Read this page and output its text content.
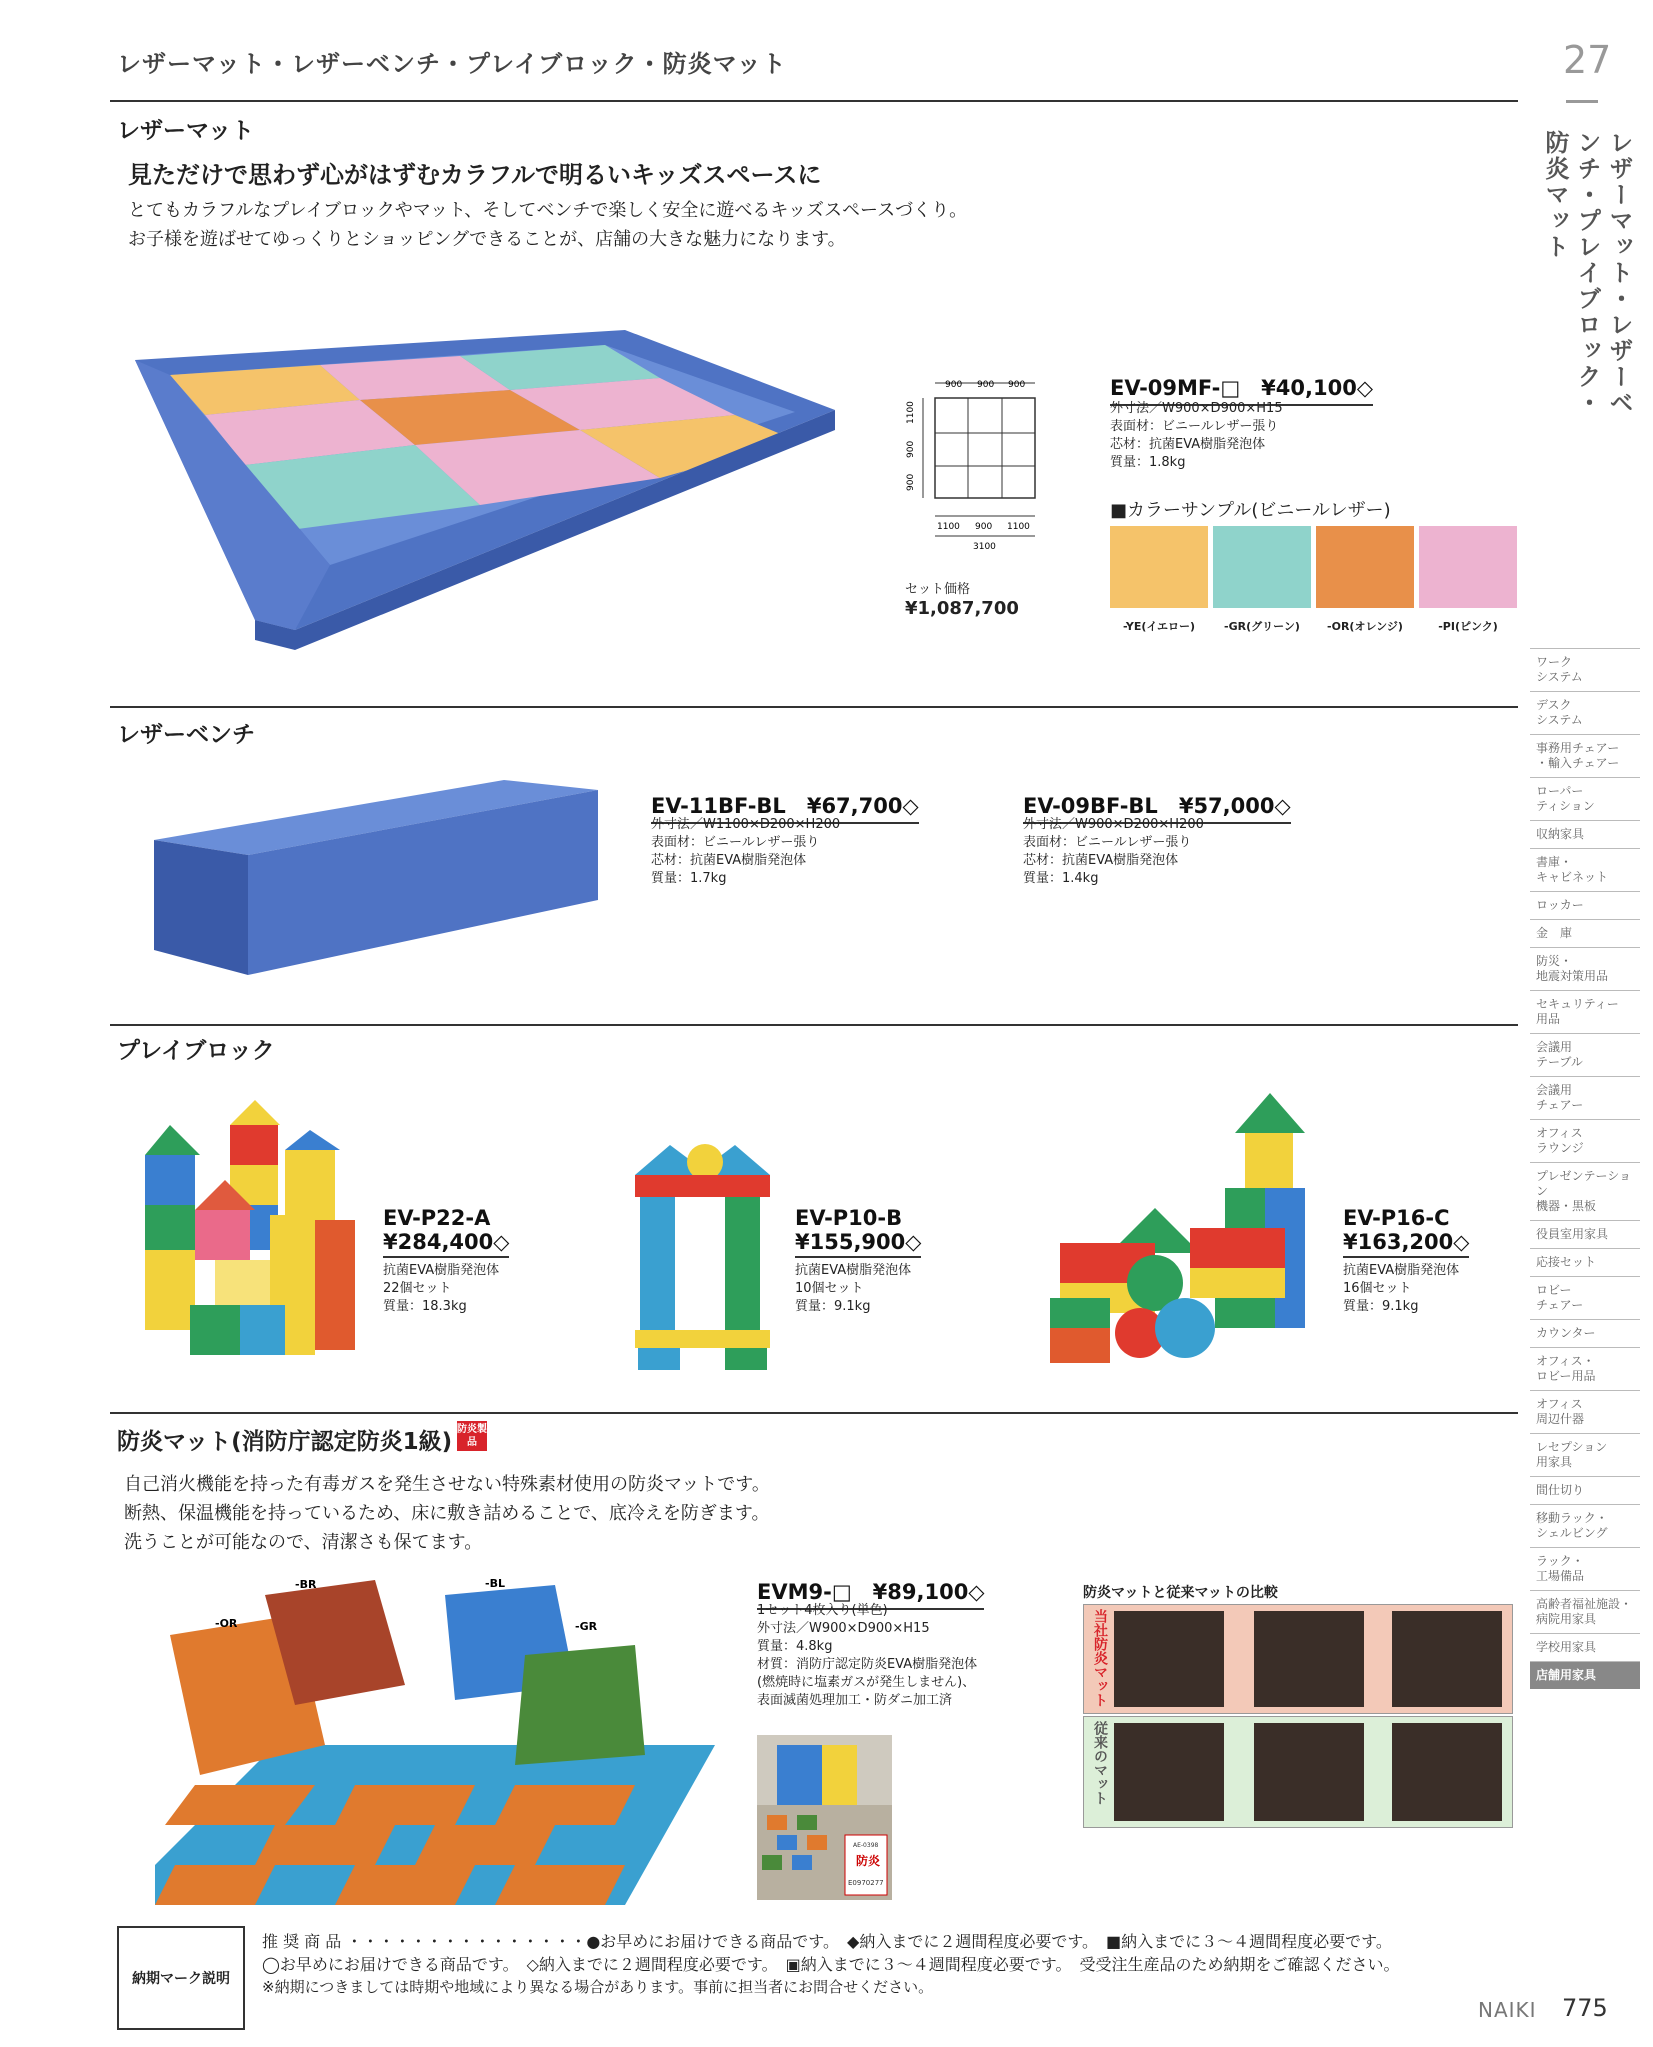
レザーマット・レザーベンチ・プレイブロック・防炎マット	27
レザーマット・レザーベンチ・プレイブロック・防炎マット
レザーマット
見ただけで思わず心がはずむカラフルで明るいキッズスペースに
とてもカラフルなプレイブロックやマット、そしてベンチで楽しく安全に遊べるキッズスペースづくり。
お子様を遊ばせてゆっくりとショッピングできることが、店舗の大きな魅力になります。
900 900 900
1100
900
900
1100 900 1100
3100
セット価格
¥1,087,700
EV-09MF-□　 ¥40,100◇
外寸法／W900×D900×H15
表面材：ビニールレザー張り
芯材：抗菌EVA樹脂発泡体
質量：1.8kg
■カラーサンプル(ビニールレザー)
-YE(イエロー)	-GR(グリーン)	-OR(オレンジ)	-PI(ピンク)
レザーベンチ
EV-11BF-BL　 ¥67,700◇
外寸法／W1100×D200×H200
表面材：ビニールレザー張り
芯材：抗菌EVA樹脂発泡体
質量：1.7kg
EV-09BF-BL　 ¥57,000◇
外寸法／W900×D200×H200
表面材：ビニールレザー張り
芯材：抗菌EVA樹脂発泡体
質量：1.4kg
プレイブロック
EV-P22-A
¥284,400◇
抗菌EVA樹脂発泡体
22個セット
質量：18.3kg
EV-P10-B
¥155,900◇
抗菌EVA樹脂発泡体
10個セット
質量：9.1kg
EV-P16-C
¥163,200◇
抗菌EVA樹脂発泡体
16個セット
質量：9.1kg
防炎マット(消防庁認定防炎1級) 防炎製品
自己消火機能を持った有毒ガスを発生させない特殊素材使用の防炎マットです。
断熱、保温機能を持っているため、床に敷き詰めることで、底冷えを防ぎます。
洗うことが可能なので、清潔さも保てます。
-OR
-BR	-BL
-GR
EVM9-□　 ¥89,100◇
1セット4枚入り(単色)
外寸法／W900×D900×H15
質量：4.8kg
材質：消防庁認定防炎EVA樹脂発泡体
(燃焼時に塩素ガスが発生しません)、
表面滅菌処理加工・防ダニ加工済
AE-0398
防炎
E0970277
防炎マットと従来マットの比較
当社防炎マット
従来のマット
ワーク
システム
デスク
システム
事務用チェアー
・輸入チェアー
ローパー
ティション
収納家具
書庫・
キャビネット
ロッカー
金　庫
防災・
地震対策用品
セキュリティー
用品
会議用
テーブル
会議用
チェアー
オフィス
ラウンジ
プレゼンテーション
機器・黒板
役員室用家具
応接セット
ロビー
チェアー
カウンター
オフィス・
ロビー用品
オフィス
周辺什器
レセプション
用家具
間仕切り
移動ラック・
シェルビング
ラック・
工場備品
高齢者福祉施設・
病院用家具
学校用家具
店舗用家具
納期マーク説明
推 奨 商 品 ・・・・・・・・・・・・・・・●お早めにお届けできる商品です。　◆納入までに２週間程度必要です。　■納入までに３～４週間程度必要です。
◯お早めにお届けできる商品です。　◇納入までに２週間程度必要です。　▣納入までに３～４週間程度必要です。　受受注生産品のため納期をご確認ください。
※納期につきましては時期や地域により異なる場合があります。事前に担当者にお問合せください。
NAIKI 775
